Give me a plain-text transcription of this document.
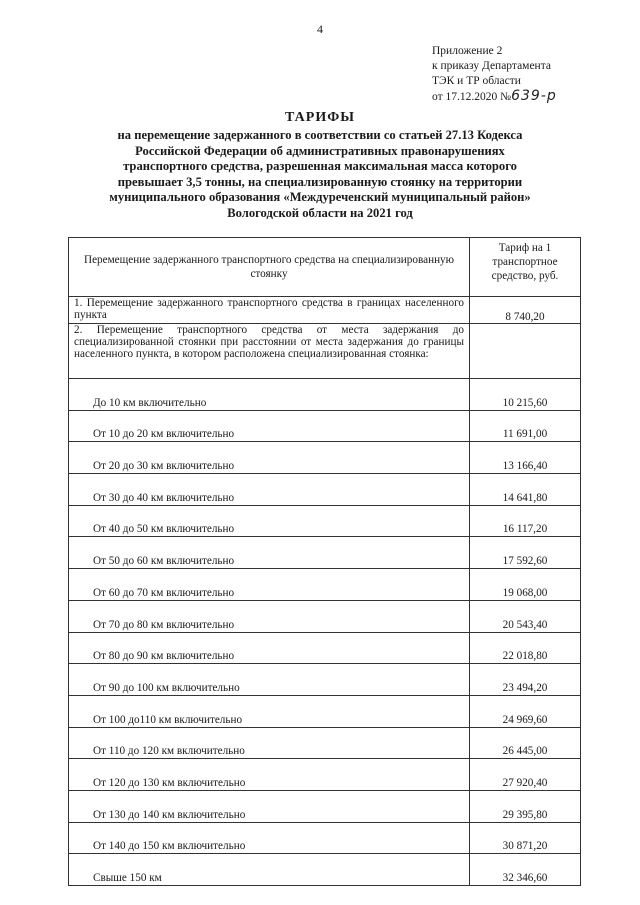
4
Приложение 2
к приказу Департамента
ТЭК и ТР области
от 17.12.2020 №639-р
ТАРИФЫ
на перемещение задержанного в соответствии со статьей 27.13 Кодекса
Российской Федерации об административных правонарушениях
транспортного средства, разрешенная максимальная масса которого
превышает 3,5 тонны, на специализированную стоянку на территории
муниципального образования «Междуреченский муниципальный район»
Вологодской области на 2021 год
Перемещение задержанного транспортного средства на специализированную стоянку	Тариф на 1 транспортное средство, руб.
1. Перемещение задержанного транспортного средства в границах населенного пункта	8 740,20
2. Перемещение транспортного средства от места задержания до специализированной стоянки при расстоянии от места задержания до границы населенного пункта, в котором расположена специализированная стоянка:	
До 10 км включительно	10 215,60
От 10 до 20 км включительно	11 691,00
От 20 до 30 км включительно	13 166,40
От 30 до 40 км включительно	14 641,80
От 40 до 50 км включительно	16 117,20
От 50 до 60 км включительно	17 592,60
От 60 до 70 км включительно	19 068,00
От 70 до 80 км включительно	20 543,40
От 80 до 90 км включительно	22 018,80
От 90 до 100 км включительно	23 494,20
От 100 до110 км включительно	24 969,60
От 110 до 120 км включительно	26 445,00
От 120 до 130 км включительно	27 920,40
От 130 до 140 км включительно	29 395,80
От 140 до 150 км включительно	30 871,20
Свыше 150 км	32 346,60
